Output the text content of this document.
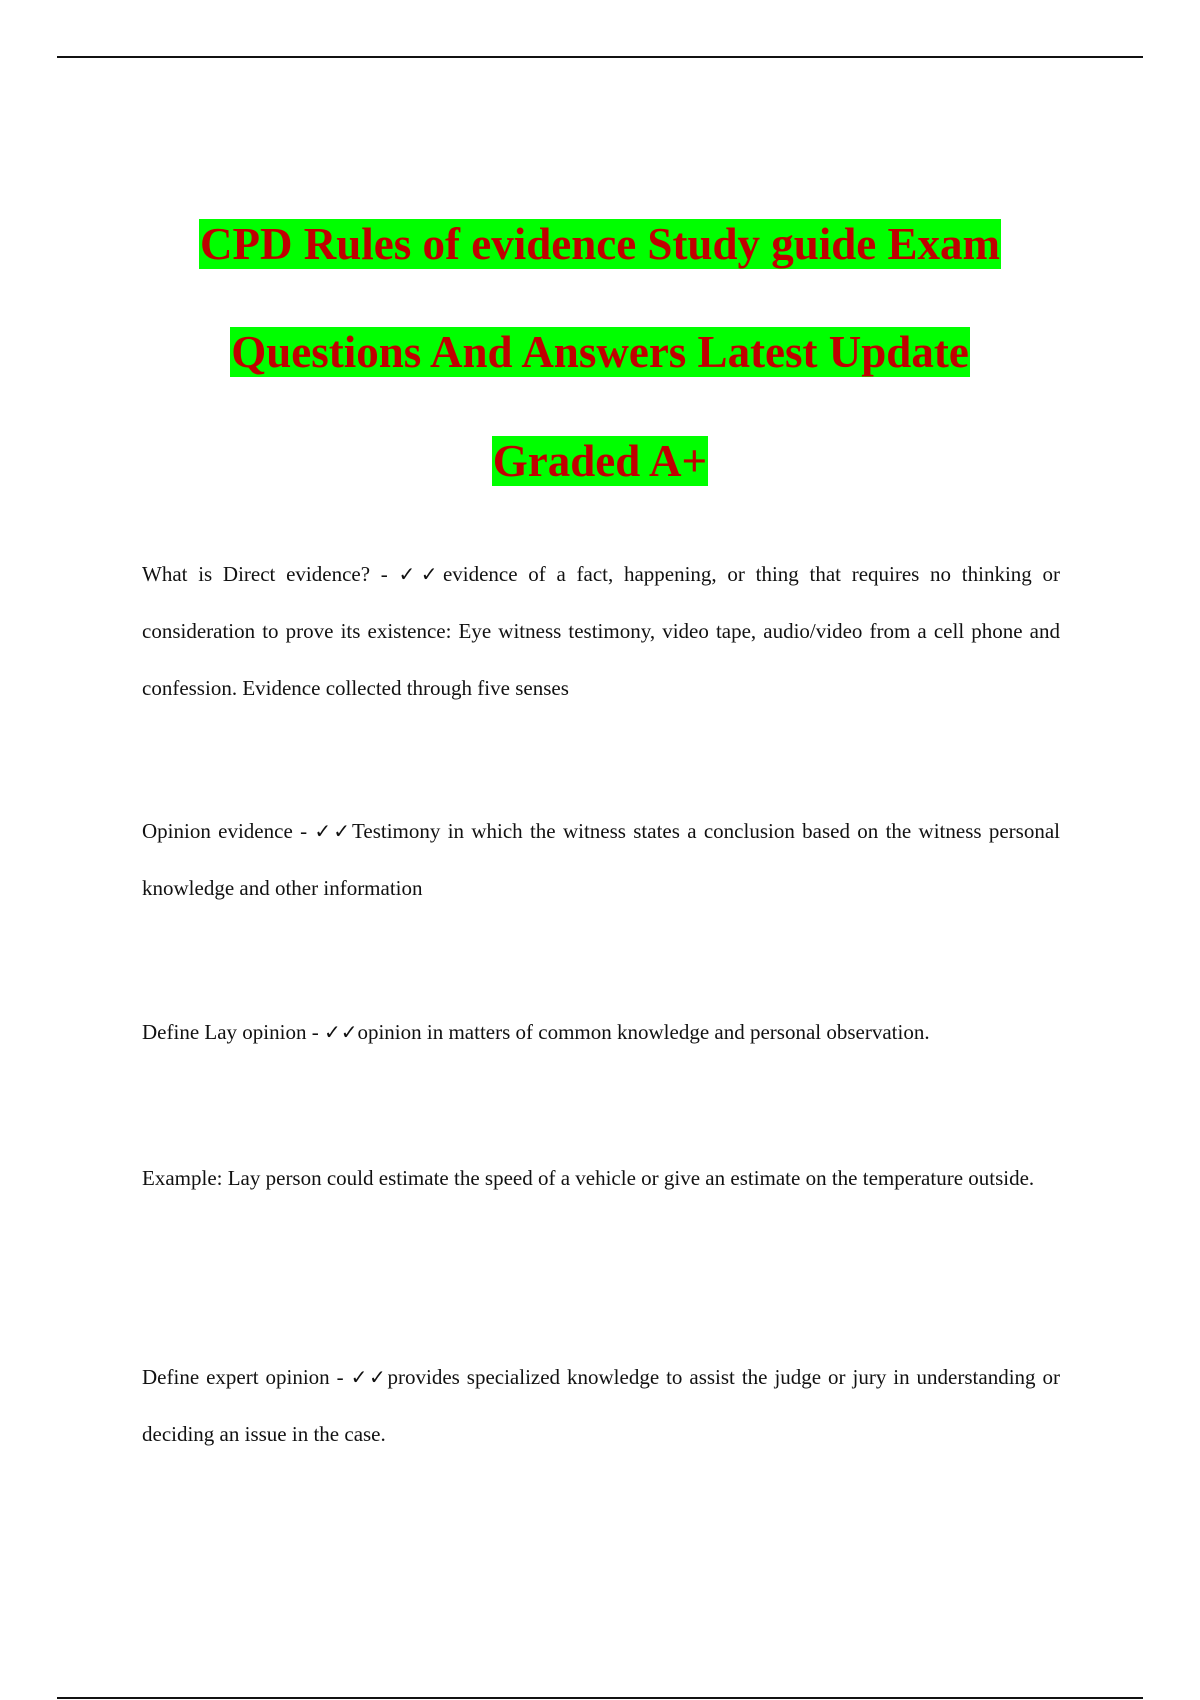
CPD Rules of evidence Study guide Exam
Questions And Answers Latest Update
Graded A+
What is Direct evidence? - ✓✓evidence of a fact, happening, or thing that requires no thinking or consideration to prove its existence: Eye witness testimony, video tape, audio/video from a cell phone and confession. Evidence collected through five senses
Opinion evidence - ✓✓Testimony in which the witness states a conclusion based on the witness personal knowledge and other information
Define Lay opinion - ✓✓opinion in matters of common knowledge and personal observation.
Example: Lay person could estimate the speed of a vehicle or give an estimate on the temperature outside.
Define expert opinion - ✓✓provides specialized knowledge to assist the judge or jury in understanding or deciding an issue in the case.
